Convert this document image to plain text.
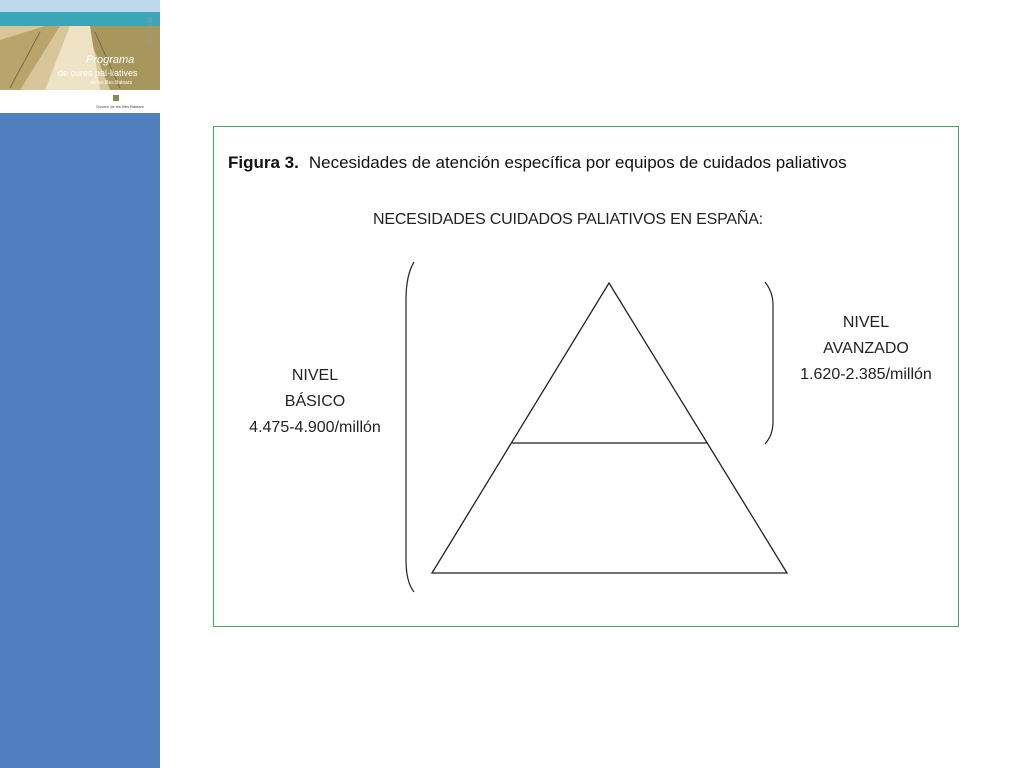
Programa
de cures pal·liatives
de les Illes Balears
2013|2016
Govern de les Illes Balears
Figura 3. Necesidades de atención específica por equipos de cuidados paliativos
NECESIDADES CUIDADOS PALIATIVOS EN ESPAÑA:
NIVEL
BÁSICO
4.475-4.900/millón
NIVEL
AVANZADO
1.620-2.385/millón
